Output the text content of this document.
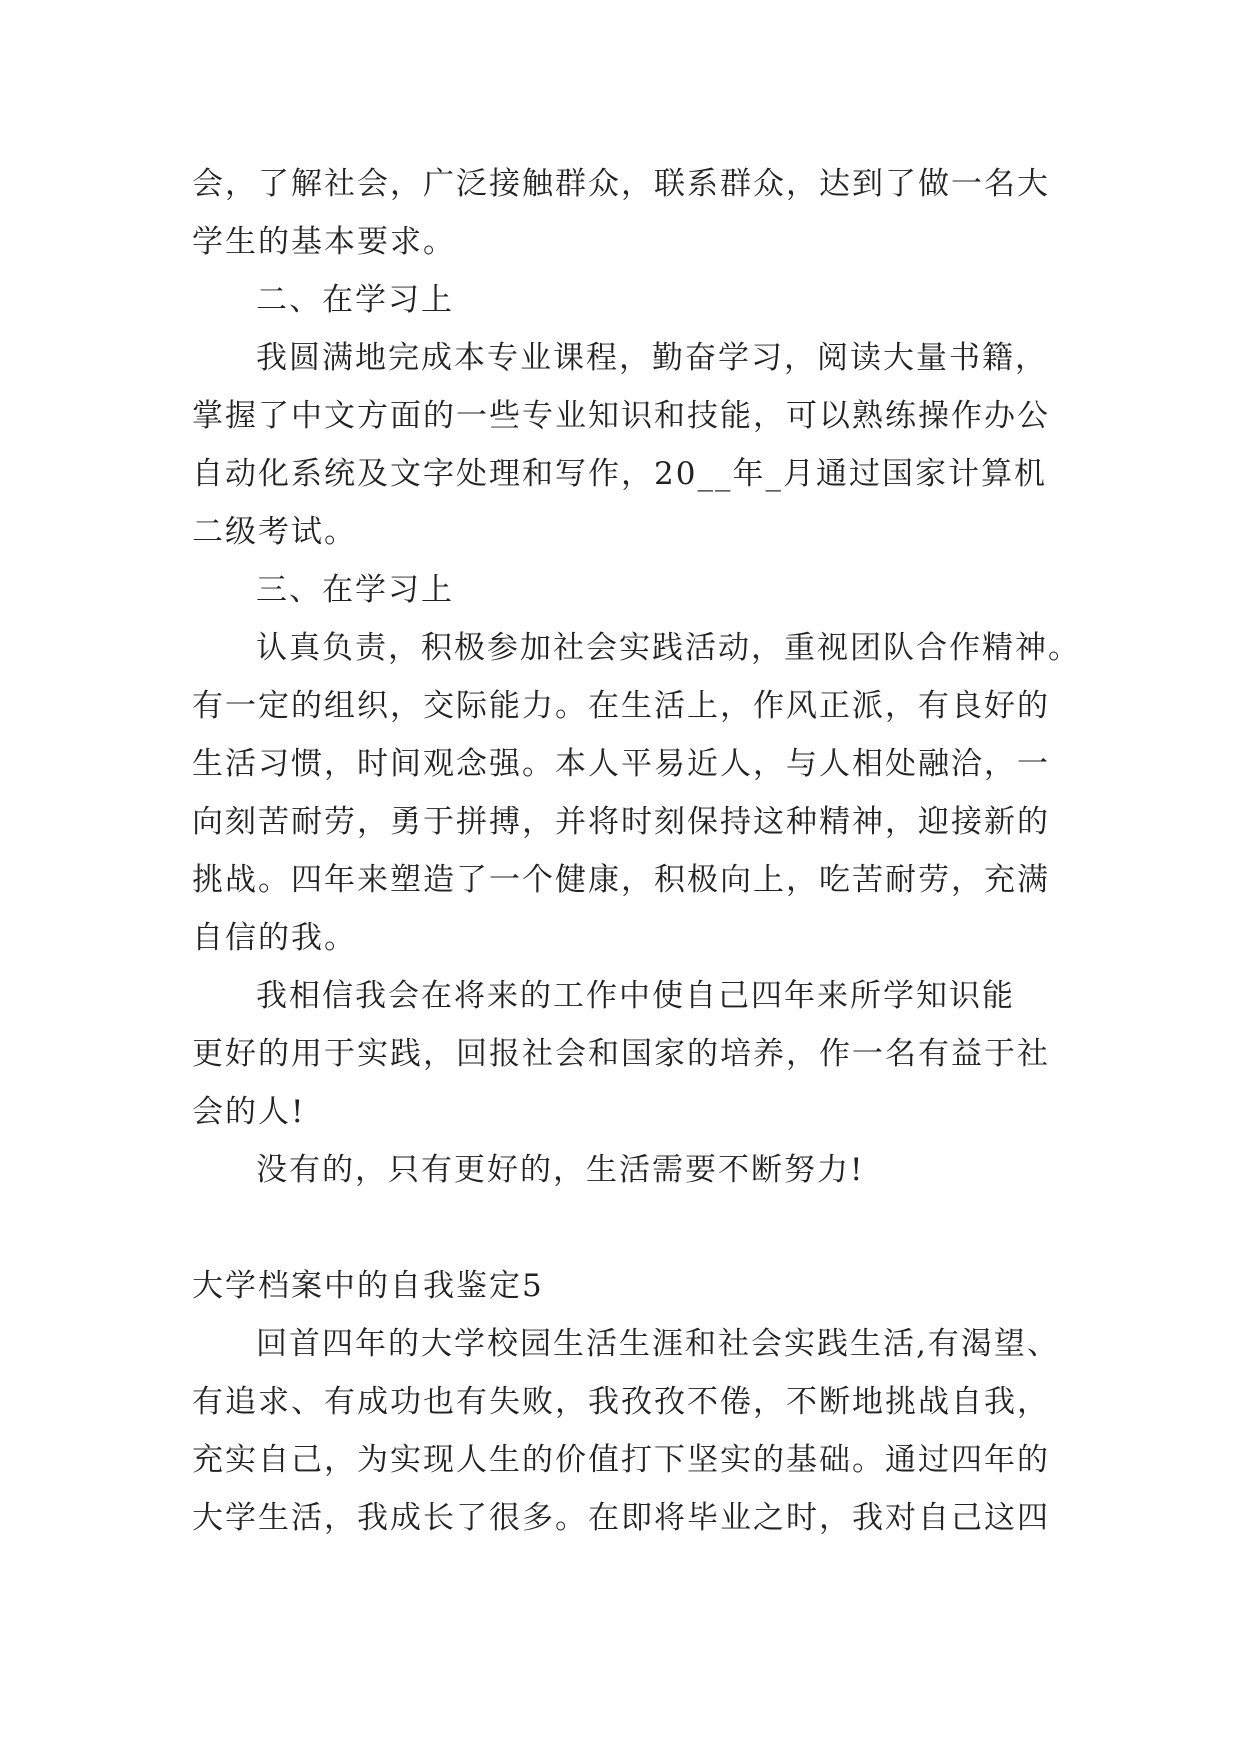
会，了解社会，广泛接触群众，联系群众，达到了做一名大
学生的基本要求。
二、在学习上
我圆满地完成本专业课程，勤奋学习，阅读大量书籍，
掌握了中文方面的一些专业知识和技能，可以熟练操作办公
自动化系统及文字处理和写作，20__年_月通过国家计算机
二级考试。
三、在学习上
认真负责，积极参加社会实践活动，重视团队合作精神。
有一定的组织，交际能力。在生活上，作风正派，有良好的
生活习惯，时间观念强。本人平易近人，与人相处融洽，一
向刻苦耐劳，勇于拼搏，并将时刻保持这种精神，迎接新的
挑战。四年来塑造了一个健康，积极向上，吃苦耐劳，充满
自信的我。
我相信我会在将来的工作中使自己四年来所学知识能
更好的用于实践，回报社会和国家的培养，作一名有益于社
会的人!
没有的，只有更好的，生活需要不断努力!
大学档案中的自我鉴定5
回首四年的大学校园生活生涯和社会实践生活,有渴望、
有追求、有成功也有失败，我孜孜不倦，不断地挑战自我，
充实自己，为实现人生的价值打下坚实的基础。通过四年的
大学生活，我成长了很多。在即将毕业之时，我对自己这四
